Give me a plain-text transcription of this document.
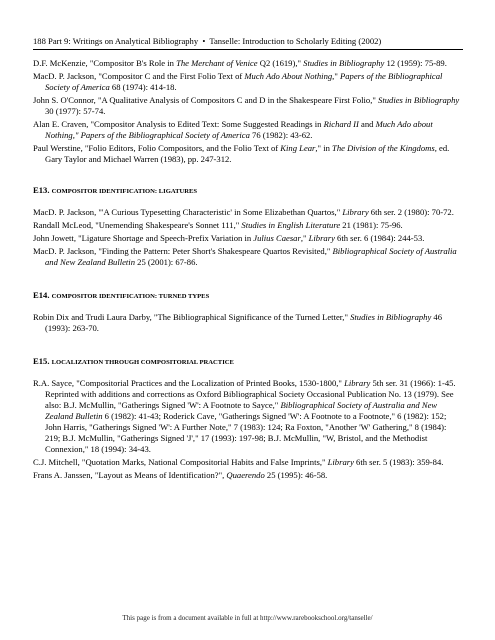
188 Part 9: Writings on Analytical Bibliography • Tanselle: Introduction to Scholarly Editing (2002)

D.F. McKenzie, "Compositor B's Role in The Merchant of Venice Q2 (1619)," Studies in Bibliography 12 (1959): 75-89.

MacD. P. Jackson, "Compositor C and the First Folio Text of Much Ado About Nothing," Papers of the Bibliographical Society of America 68 (1974): 414-18.

John S. O'Connor, "A Qualitative Analysis of Compositors C and D in the Shakespeare First Folio," Studies in Bibliography 30 (1977): 57-74.

Alan E. Craven, "Compositor Analysis to Edited Text: Some Suggested Readings in Richard II and Much Ado about Nothing," Papers of the Bibliographical Society of America 76 (1982): 43-62.

Paul Werstine, "Folio Editors, Folio Compositors, and the Folio Text of King Lear," in The Division of the Kingdoms, ed. Gary Taylor and Michael Warren (1983), pp. 247-312.

E13. COMPOSITOR IDENTIFICATION: LIGATURES

MacD. P. Jackson, "'A Curious Typesetting Characteristic' in Some Elizabethan Quartos," Library 6th ser. 2 (1980): 70-72.

Randall McLeod, "Unemending Shakespeare's Sonnet 111," Studies in English Literature 21 (1981): 75-96.

John Jowett, "Ligature Shortage and Speech-Prefix Variation in Julius Caesar," Library 6th ser. 6 (1984): 244-53.

MacD. P. Jackson, "Finding the Pattern: Peter Short's Shakespeare Quartos Revisited," Bibliographical Society of Australia and New Zealand Bulletin 25 (2001): 67-86.

E14. COMPOSITOR IDENTIFICATION: TURNED TYPES

Robin Dix and Trudi Laura Darby, "The Bibliographical Significance of the Turned Letter," Studies in Bibliography 46 (1993): 263-70.

E15. LOCALIZATION THROUGH COMPOSITORIAL PRACTICE

R.A. Sayce, "Compositorial Practices and the Localization of Printed Books, 1530-1800," Library 5th ser. 31 (1966): 1-45. Reprinted with additions and corrections as Oxford Bibliographical Society Occasional Publication No. 13 (1979). See also: B.J. McMullin, "Gatherings Signed 'W': A Footnote to Sayce," Bibliographical Society of Australia and New Zealand Bulletin 6 (1982): 41-43; Roderick Cave, "Gatherings Signed 'W': A Footnote to a Footnote," 6 (1982): 152; John Harris, "Gatherings Signed 'W': A Further Note," 7 (1983): 124; Ra Foxton, "Another 'W' Gathering," 8 (1984): 219; B.J. McMullin, "Gatherings Signed 'J'," 17 (1993): 197-98; B.J. McMullin, "W, Bristol, and the Methodist Connexion," 18 (1994): 34-43.

C.J. Mitchell, "Quotation Marks, National Compositorial Habits and False Imprints," Library 6th ser. 5 (1983): 359-84.

Frans A. Janssen, "Layout as Means of Identification?", Quaerendo 25 (1995): 46-58.

This page is from a document available in full at http://www.rarebookschool.org/tanselle/
